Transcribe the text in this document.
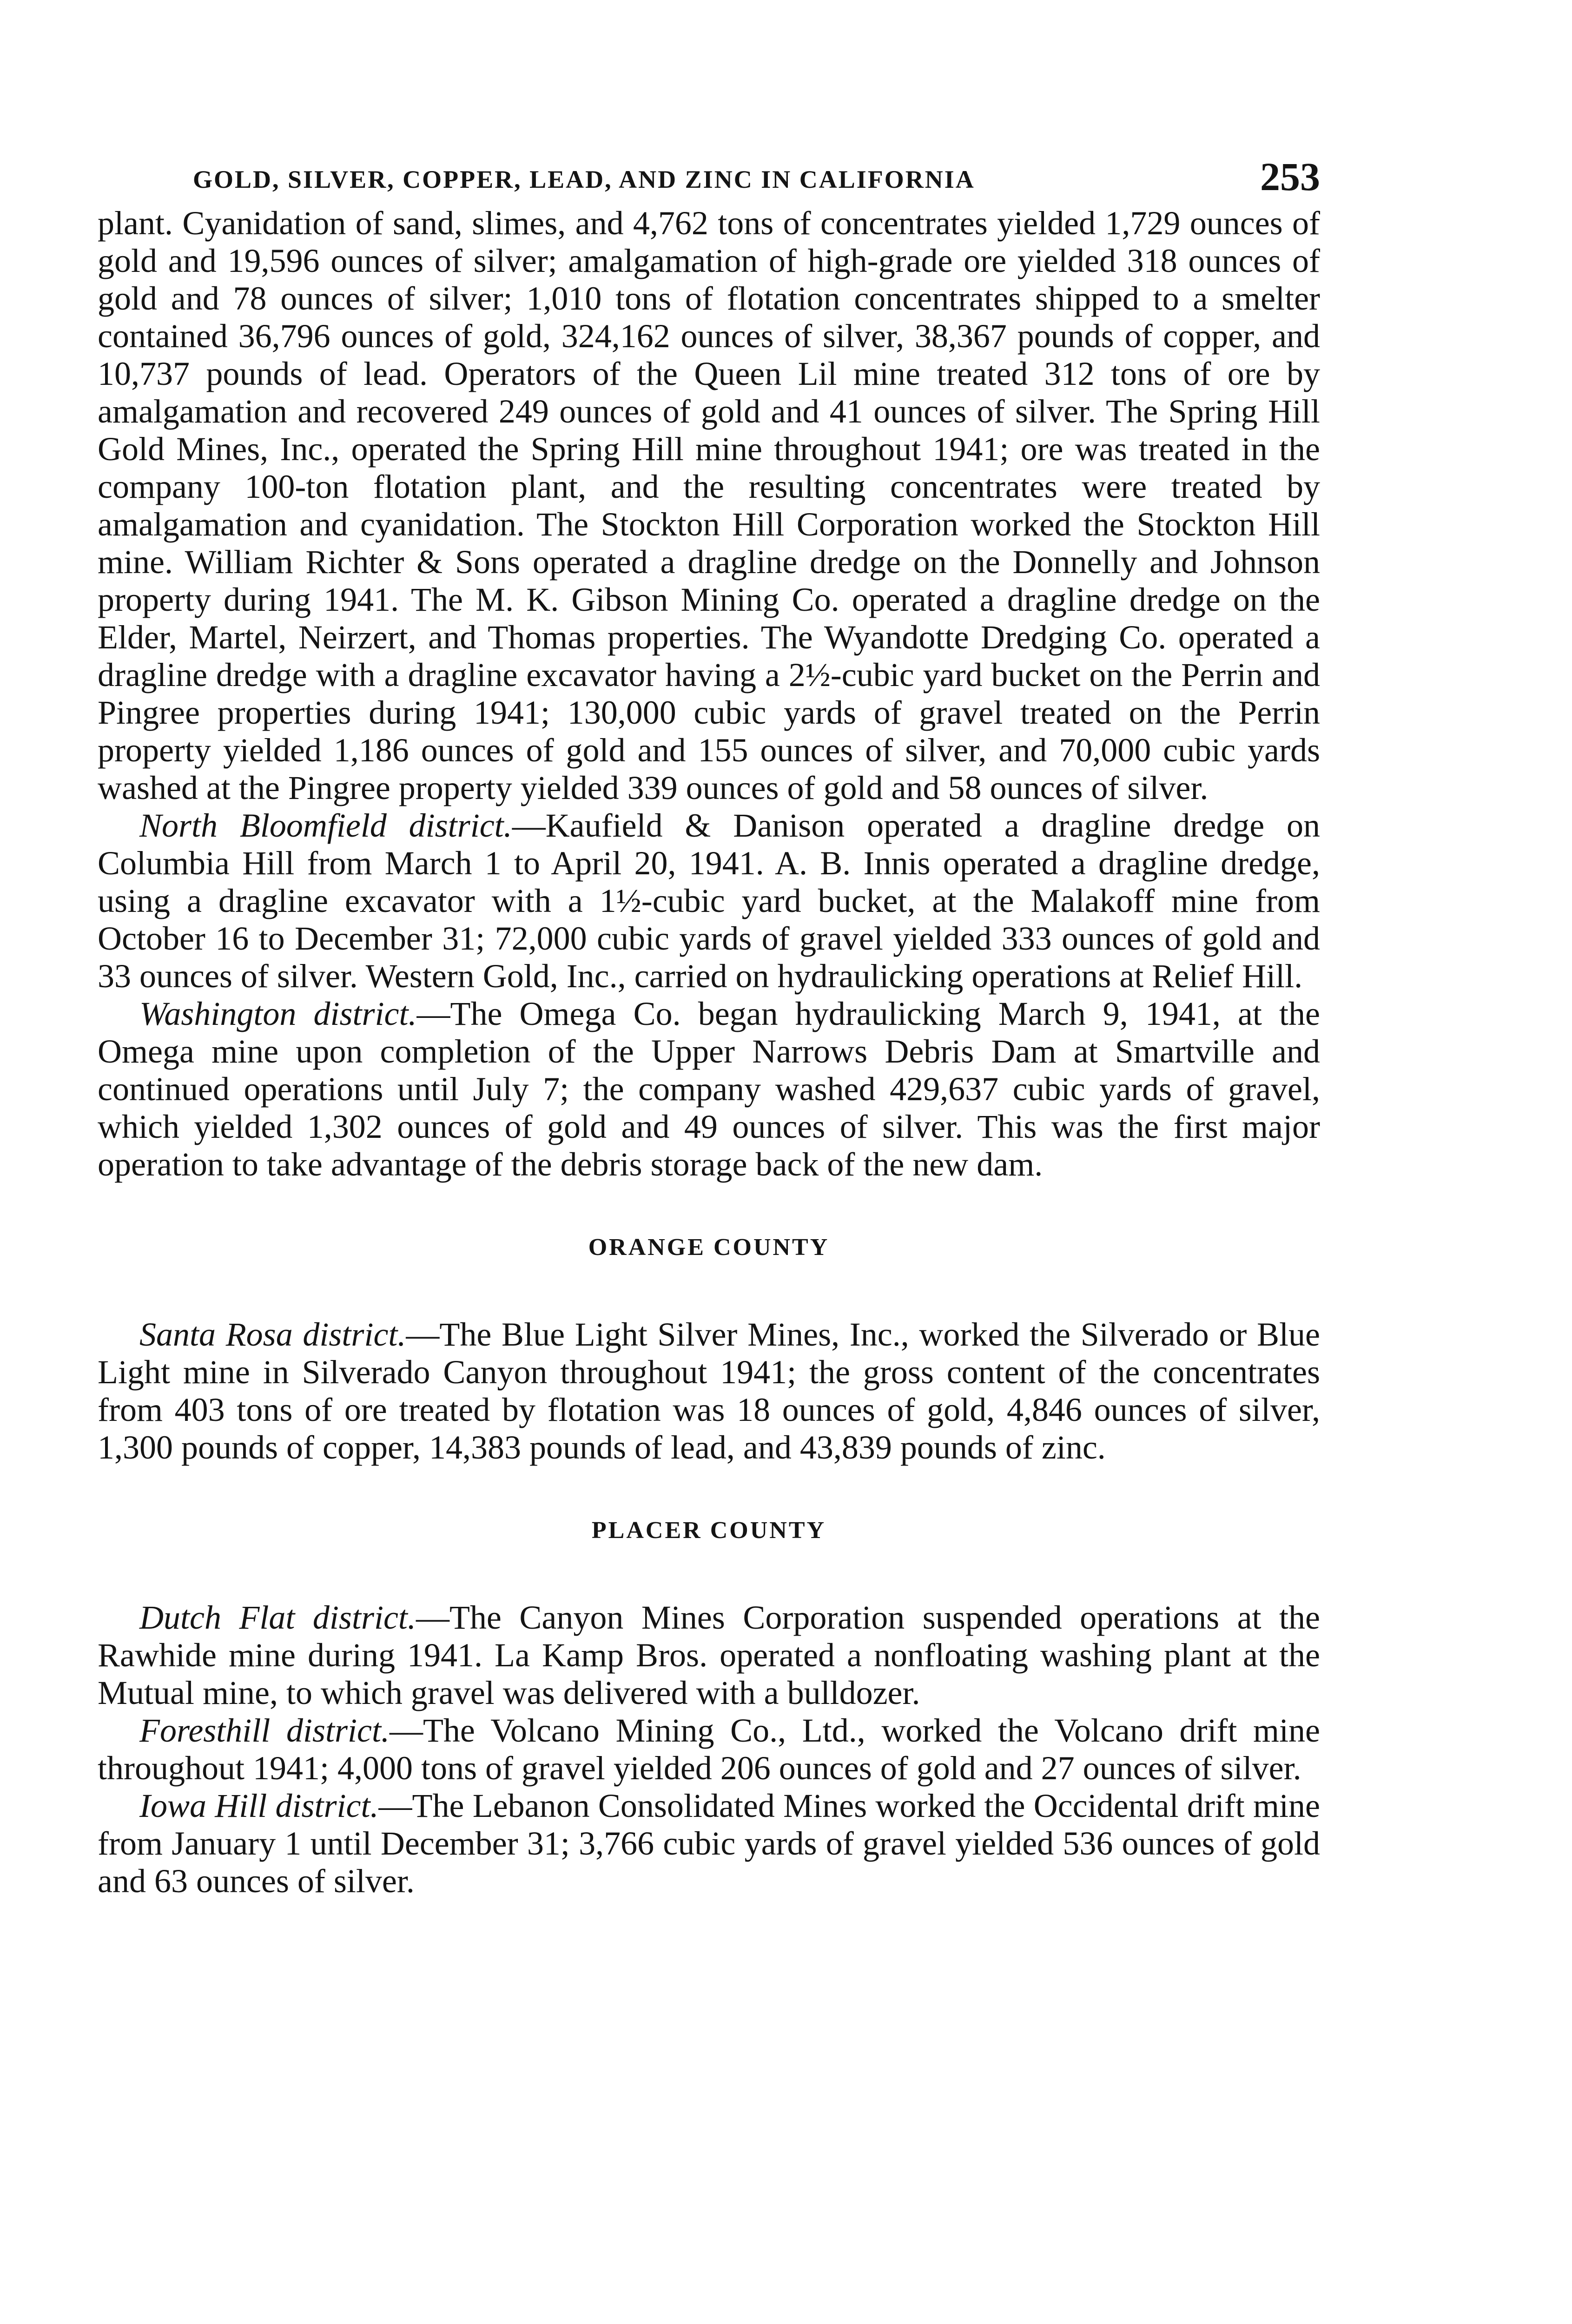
GOLD, SILVER, COPPER, LEAD, AND ZINC IN CALIFORNIA	253

plant. Cyanidation of sand, slimes, and 4,762 tons of concentrates yielded 1,729 ounces of gold and 19,596 ounces of silver; amalgamation of high-grade ore yielded 318 ounces of gold and 78 ounces of silver; 1,010 tons of flotation concentrates shipped to a smelter contained 36,796 ounces of gold, 324,162 ounces of silver, 38,367 pounds of copper, and 10,737 pounds of lead. Operators of the Queen Lil mine treated 312 tons of ore by amalgamation and recovered 249 ounces of gold and 41 ounces of silver. The Spring Hill Gold Mines, Inc., operated the Spring Hill mine throughout 1941; ore was treated in the company 100-ton flotation plant, and the resulting concentrates were treated by amalgamation and cyanidation. The Stockton Hill Corporation worked the Stockton Hill mine. William Richter & Sons operated a dragline dredge on the Donnelly and Johnson property during 1941. The M. K. Gibson Mining Co. operated a dragline dredge on the Elder, Martel, Neirzert, and Thomas properties. The Wyandotte Dredging Co. operated a dragline dredge with a dragline excavator having a 2½-cubic yard bucket on the Perrin and Pingree properties during 1941; 130,000 cubic yards of gravel treated on the Perrin property yielded 1,186 ounces of gold and 155 ounces of silver, and 70,000 cubic yards washed at the Pingree property yielded 339 ounces of gold and 58 ounces of silver.

North Bloomfield district.—Kaufield & Danison operated a dragline dredge on Columbia Hill from March 1 to April 20, 1941. A. B. Innis operated a dragline dredge, using a dragline excavator with a 1½-cubic yard bucket, at the Malakoff mine from October 16 to December 31; 72,000 cubic yards of gravel yielded 333 ounces of gold and 33 ounces of silver. Western Gold, Inc., carried on hydraulicking operations at Relief Hill.

Washington district.—The Omega Co. began hydraulicking March 9, 1941, at the Omega mine upon completion of the Upper Narrows Debris Dam at Smartville and continued operations until July 7; the company washed 429,637 cubic yards of gravel, which yielded 1,302 ounces of gold and 49 ounces of silver. This was the first major operation to take advantage of the debris storage back of the new dam.

ORANGE COUNTY

Santa Rosa district.—The Blue Light Silver Mines, Inc., worked the Silverado or Blue Light mine in Silverado Canyon throughout 1941; the gross content of the concentrates from 403 tons of ore treated by flotation was 18 ounces of gold, 4,846 ounces of silver, 1,300 pounds of copper, 14,383 pounds of lead, and 43,839 pounds of zinc.

PLACER COUNTY

Dutch Flat district.—The Canyon Mines Corporation suspended operations at the Rawhide mine during 1941. La Kamp Bros. operated a nonfloating washing plant at the Mutual mine, to which gravel was delivered with a bulldozer.

Foresthill district.—The Volcano Mining Co., Ltd., worked the Volcano drift mine throughout 1941; 4,000 tons of gravel yielded 206 ounces of gold and 27 ounces of silver.

Iowa Hill district.—The Lebanon Consolidated Mines worked the Occidental drift mine from January 1 until December 31; 3,766 cubic yards of gravel yielded 536 ounces of gold and 63 ounces of silver.
